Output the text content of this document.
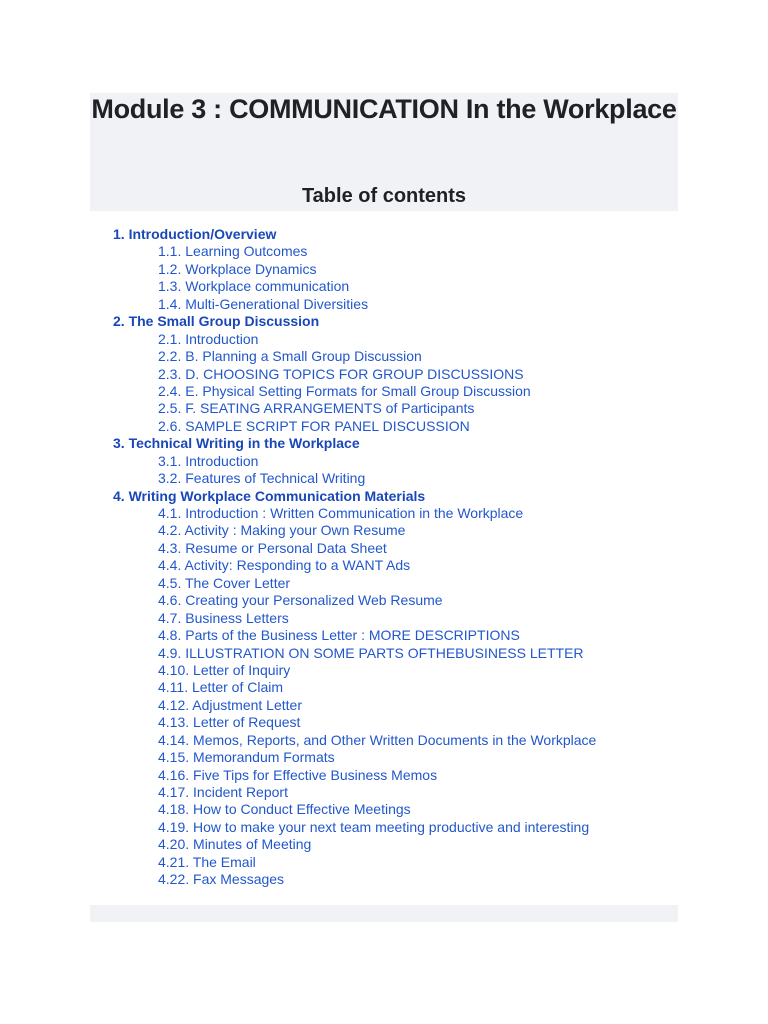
Module 3 : COMMUNICATION In the Workplace
Table of contents
1. Introduction/Overview
1.1. Learning Outcomes
1.2. Workplace Dynamics
1.3. Workplace communication
1.4. Multi-Generational Diversities
2. The Small Group Discussion
2.1. Introduction
2.2. B. Planning a Small Group Discussion
2.3. D. CHOOSING TOPICS FOR GROUP DISCUSSIONS
2.4. E. Physical Setting Formats for Small Group Discussion
2.5. F. SEATING ARRANGEMENTS of Participants
2.6. SAMPLE SCRIPT FOR PANEL DISCUSSION
3. Technical Writing in the Workplace
3.1. Introduction
3.2. Features of Technical Writing
4. Writing Workplace Communication Materials
4.1. Introduction : Written Communication in the Workplace
4.2. Activity : Making your Own Resume
4.3. Resume or Personal Data Sheet
4.4. Activity: Responding to a WANT Ads
4.5. The Cover Letter
4.6. Creating your Personalized Web Resume
4.7. Business Letters
4.8. Parts of the Business Letter : MORE DESCRIPTIONS
4.9. ILLUSTRATION ON SOME PARTS OFTHEBUSINESS LETTER
4.10. Letter of Inquiry
4.11. Letter of Claim
4.12. Adjustment Letter
4.13. Letter of Request
4.14. Memos, Reports, and Other Written Documents in the Workplace
4.15. Memorandum Formats
4.16. Five Tips for Effective Business Memos
4.17. Incident Report
4.18. How to Conduct Effective Meetings
4.19. How to make your next team meeting productive and interesting
4.20. Minutes of Meeting
4.21. The Email
4.22. Fax Messages
